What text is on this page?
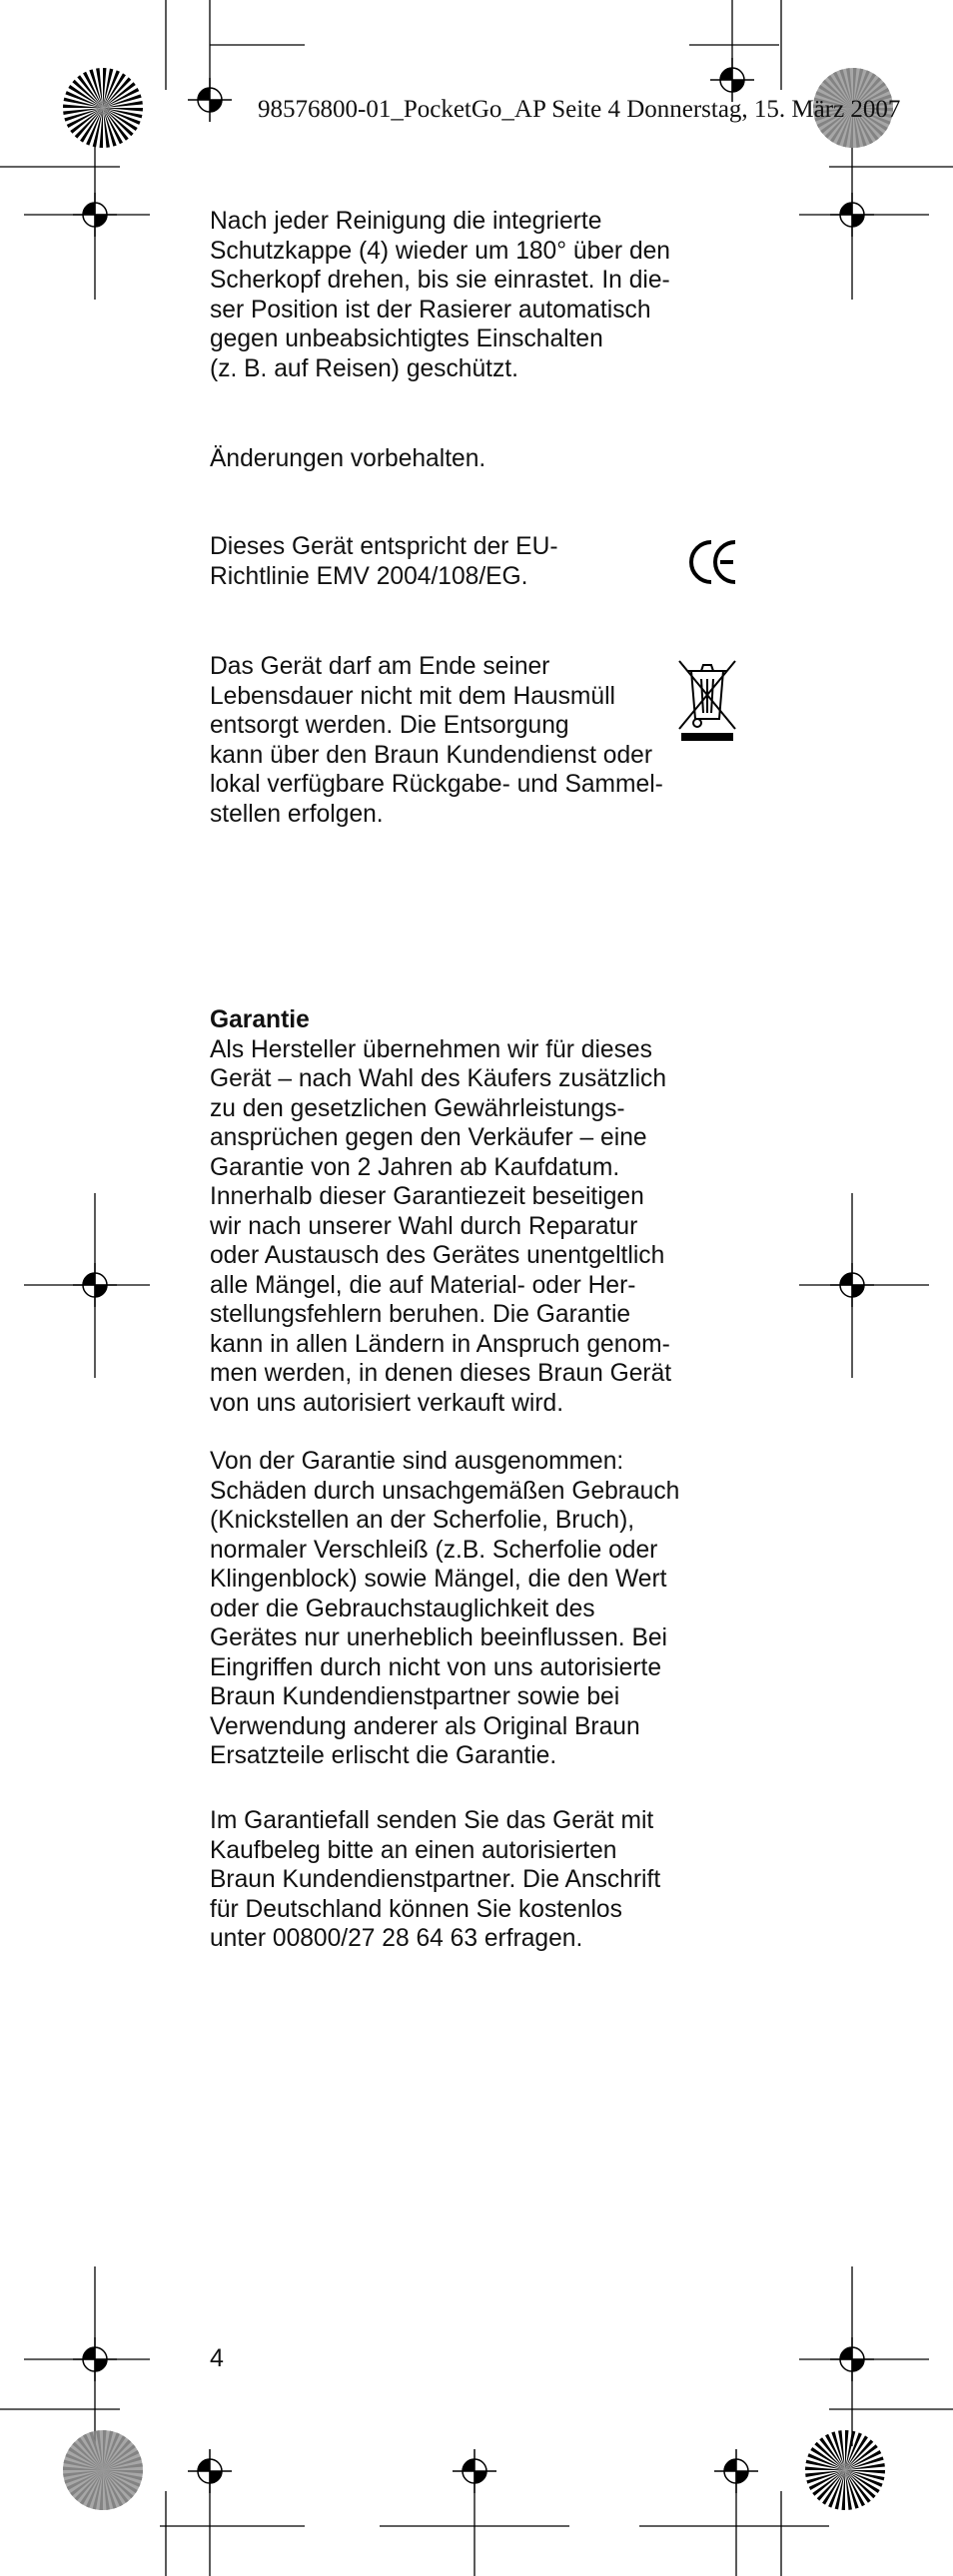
98576800-01_PocketGo_AP Seite 4 Donnerstag, 15. März 2007
Nach jeder Reinigung die integrierte
Schutzkappe (4) wieder um 180° über den
Scherkopf drehen, bis sie einrastet. In die-
ser Position ist der Rasierer automatisch
gegen unbeabsichtigtes Einschalten
(z. B. auf Reisen) geschützt.
Änderungen vorbehalten.
Dieses Gerät entspricht der EU-
Richtlinie EMV 2004/108/EG.
Das Gerät darf am Ende seiner
Lebensdauer nicht mit dem Hausmüll
entsorgt werden. Die Entsorgung
kann über den Braun Kundendienst oder
lokal verfügbare Rückgabe- und Sammel-
stellen erfolgen.
Garantie
Als Hersteller übernehmen wir für dieses
Gerät – nach Wahl des Käufers zusätzlich
zu den gesetzlichen Gewährleistungs-
ansprüchen gegen den Verkäufer – eine
Garantie von 2 Jahren ab Kaufdatum.
Innerhalb dieser Garantiezeit beseitigen
wir nach unserer Wahl durch Reparatur
oder Austausch des Gerätes unentgeltlich
alle Mängel, die auf Material- oder Her-
stellungsfehlern beruhen. Die Garantie
kann in allen Ländern in Anspruch genom-
men werden, in denen dieses Braun Gerät
von uns autorisiert verkauft wird.
Von der Garantie sind ausgenommen:
Schäden durch unsachgemäßen Gebrauch
(Knickstellen an der Scherfolie, Bruch),
normaler Verschleiß (z.B. Scherfolie oder
Klingenblock) sowie Mängel, die den Wert
oder die Gebrauchstauglichkeit des
Gerätes nur unerheblich beeinflussen. Bei
Eingriffen durch nicht von uns autorisierte
Braun Kundendienstpartner sowie bei
Verwendung anderer als Original Braun
Ersatzteile erlischt die Garantie.
Im Garantiefall senden Sie das Gerät mit
Kaufbeleg bitte an einen autorisierten
Braun Kundendienstpartner. Die Anschrift
für Deutschland können Sie kostenlos
unter 00800/27 28 64 63 erfragen.
4
